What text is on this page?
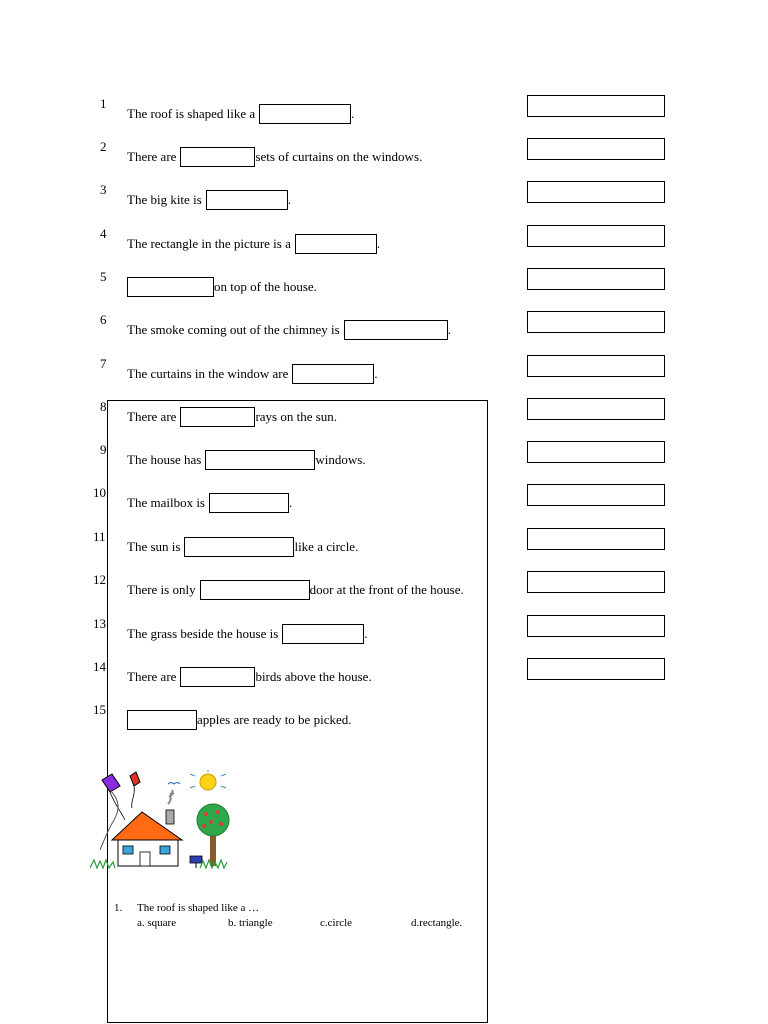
1
The roof is shaped like a	.
2
There are	sets of curtains on the windows.
3
The big kite is	.
4
The rectangle in the picture is a	.
5
on top of the house.
6
The smoke coming out of the chimney is	.
7
The curtains in the window are	.
8
There are	rays on the sun.
9
The house has	windows.
10
The mailbox is	.
11
The sun is	like a circle.
12
There is only	door at the front of the house.
13
The grass beside the house is	.
14
There are	birds above the house.
15
apples are ready to be picked.
1. The roof is shaped like a …
a. square	b. triangle	c.circle	d.rectangle.
